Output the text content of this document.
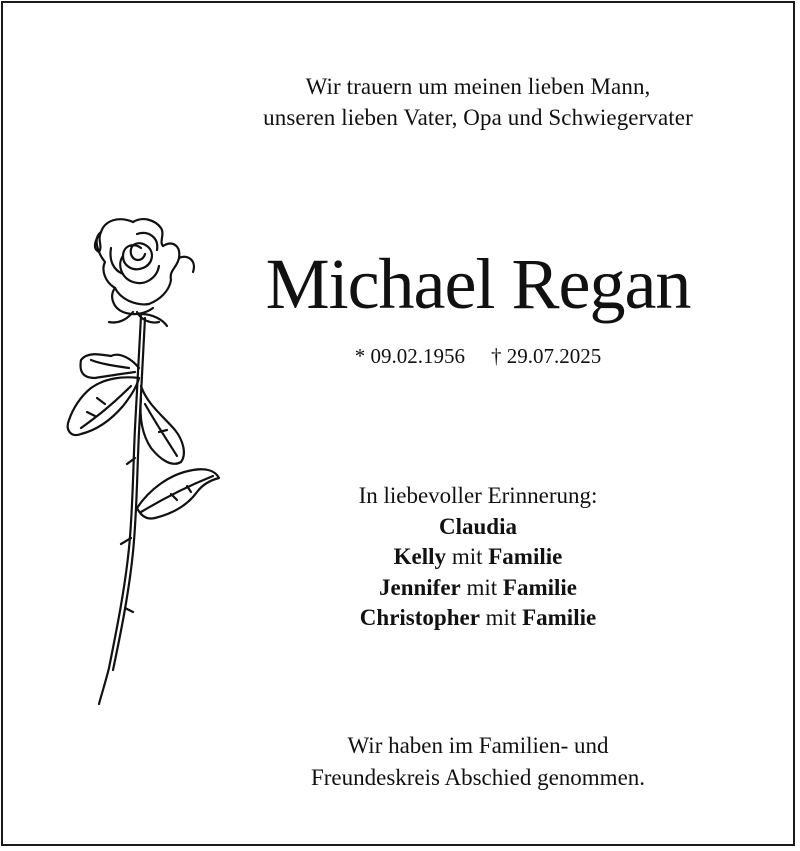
Wir trauern um meinen lieben Mann,
unseren lieben Vater, Opa und Schwiegervater
Michael Regan
* 09.02.1956 † 29.07.2025
In liebevoller Erinnerung:
Claudia
Kelly mit Familie
Jennifer mit Familie
Christopher mit Familie
Wir haben im Familien- und
Freundeskreis Abschied genommen.
